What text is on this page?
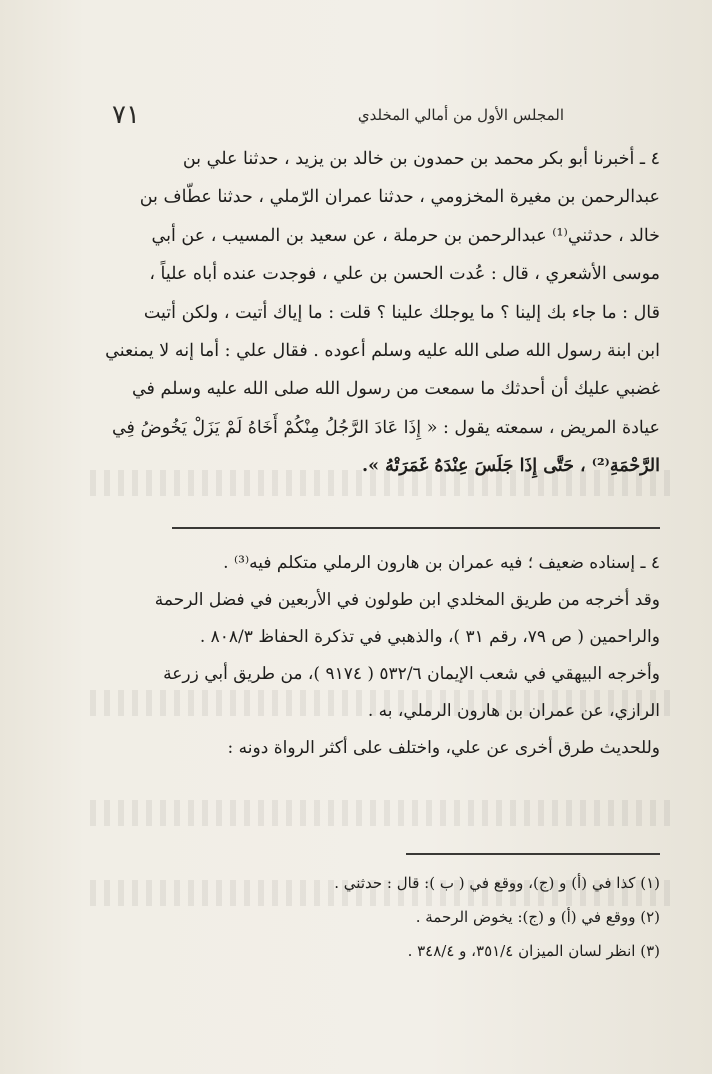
٧١	المجلس الأول من أمالي المخلدي
٤ ـ أخبرنا أبو بكر محمد بن حمدون بن خالد بن يزيد ، حدثنا علي بن
عبدالرحمن بن مغيرة المخزومي ، حدثنا عمران الرّملي ، حدثنا عطّاف بن
خالد ، حدثني⁽¹⁾ عبدالرحمن بن حرملة ، عن سعيد بن المسيب ، عن أبي
موسى الأشعري ، قال : عُدت الحسن بن علي ، فوجدت عنده أباه علياً ،
قال : ما جاء بك إلينا ؟ ما يوجلك علينا ؟ قلت : ما إياك أتيت ، ولكن أتيت
ابن ابنة رسول الله صلى الله عليه وسلم أعوده . فقال علي : أما إنه لا يمنعني
غضبي عليك أن أحدثك ما سمعت من رسول الله صلى الله عليه وسلم في
عيادة المريض ، سمعته يقول : « إِذَا عَادَ الرَّجُلُ مِنْكُمْ أَخَاهُ لَمْ يَزَلْ يَخُوضُ فِي
الرَّحْمَةِ⁽²⁾ ، حَتَّى إِذَا جَلَسَ عِنْدَهُ غَمَرَتْهُ ».
٤ ـ إسناده ضعيف ؛ فيه عمران بن هارون الرملي متكلم فيه⁽³⁾ .
وقد أخرجه من طريق المخلدي ابن طولون في الأربعين في فضل الرحمة
والراحمين ( ص ٧٩، رقم ٣١ )، والذهبي في تذكرة الحفاظ ٨٠٨/٣ .
وأخرجه البيهقي في شعب الإيمان ٥٣٢/٦ ( ٩١٧٤ )، من طريق أبي زرعة
الرازي، عن عمران بن هارون الرملي، به .
وللحديث طرق أخرى عن علي، واختلف على أكثر الرواة دونه :
(١) كذا في (أ) و (ج)، ووقع في ( ب ): قال : حدثني .
(٢) ووقع في (أ) و (ج): يخوض الرحمة .
(٣) انظر لسان الميزان ٣٥١/٤، و ٣٤٨/٤ .
